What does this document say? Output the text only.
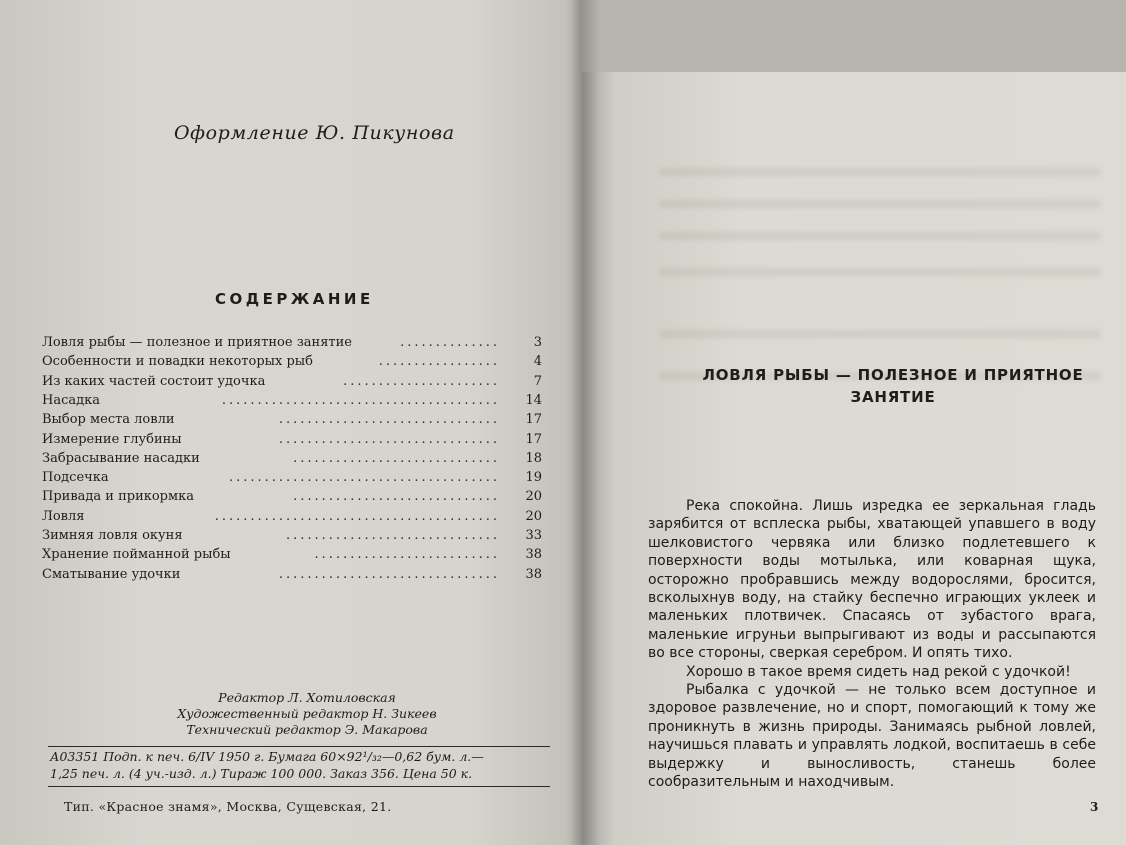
Оформление Ю. Пикунова
СОДЕРЖАНИЕ
Ловля рыбы — полезное и приятное занятие	..............	3
Особенности и повадки некоторых рыб	.................	4
Из каких частей состоит удочка	......................	7
Насадка	....................................... 14
Выбор места ловли	............................... 17
Измерение глубины	............................... 17
Забрасывание насадки	............................. 18
Подсечка	...................................... 19
Привада и прикормка	............................. 20
Ловля	........................................ 20
Зимняя ловля окуня	.............................. 33
Хранение пойманной рыбы	.......................... 38
Сматывание удочки	............................... 38
Редактор Л. Хотиловская
Художественный редактор Н. Зикеев
Технический редактор Э. Макарова
А03351 Подп. к печ. 6/IV 1950 г. Бумага 60×92¹/₃₂—0,62 бум. л.—
1,25 печ. л. (4 уч.-изд. л.) Тираж 100 000. Заказ 356. Цена 50 к.
Тип. «Красное знамя», Москва, Сущевская, 21.
ЛОВЛЯ РЫБЫ — ПОЛЕЗНОЕ И ПРИЯТНОЕ ЗАНЯТИЕ

Река спокойна. Лишь изредка ее зеркальная гладь зарябится от всплеска рыбы, хватающей упавшего в воду шелковистого червяка или близко подлетевшего к поверхности воды мотылька, или коварная щука, осторожно пробравшись между водорослями, бросится, всколыхнув воду, на стайку беспечно играющих уклеек и маленьких плотвичек. Спасаясь от зубастого врага, маленькие игруньи выпрыгивают из воды и рассыпаются во все стороны, сверкая серебром. И опять тихо.

Хорошо в такое время сидеть над рекой с удочкой!

Рыбалка с удочкой — не только всем доступное и здоровое развлечение, но и спорт, помогающий к тому же проникнуть в жизнь природы. Занимаясь рыбной ловлей, научишься плавать и управлять лодкой, воспитаешь в себе выдержку и выносливость, станешь более сообразительным и находчивым.

3
